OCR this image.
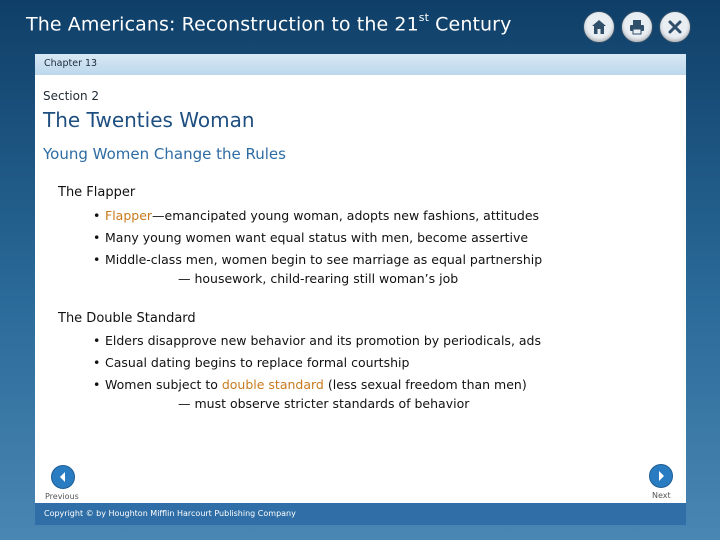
The Americans: Reconstruction to the 21st Century
Chapter 13
Section 2
The Twenties Woman
Young Women Change the Rules
The Flapper
• Flapper—emancipated young woman, adopts new fashions, attitudes
• Many young women want equal status with men, become assertive
• Middle-class men, women begin to see marriage as equal partnership
— housework, child-rearing still woman’s job
The Double Standard
• Elders disapprove new behavior and its promotion by periodicals, ads
• Casual dating begins to replace formal courtship
• Women subject to double standard (less sexual freedom than men)
— must observe stricter standards of behavior
Previous	Next
Copyright © by Houghton Mifflin Harcourt Publishing Company
